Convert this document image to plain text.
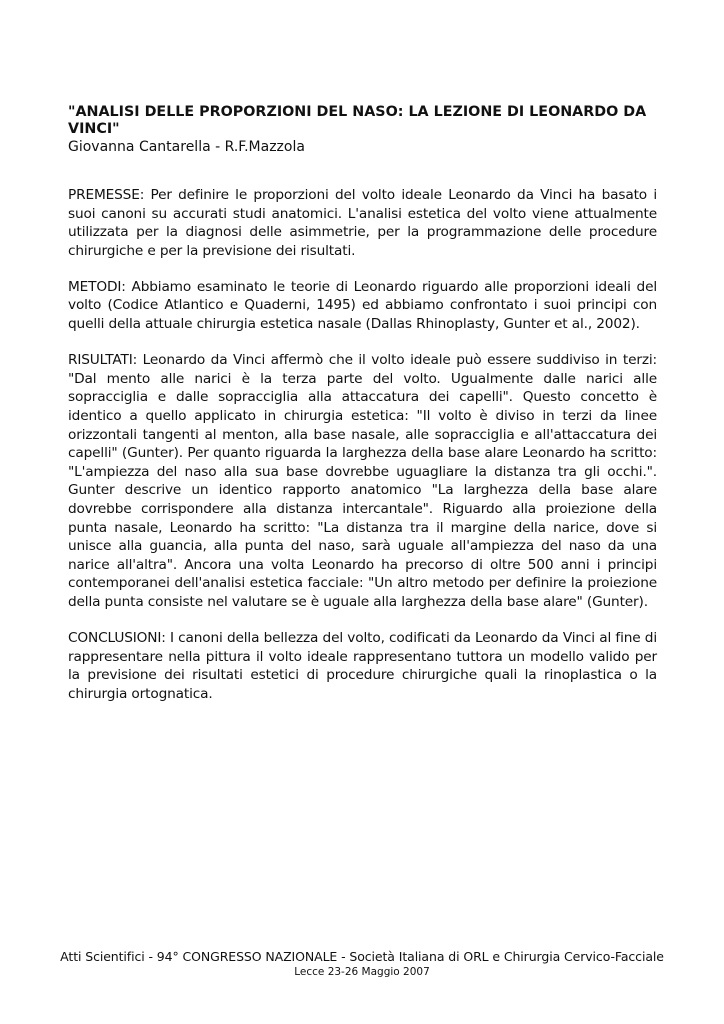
"ANALISI DELLE PROPORZIONI DEL NASO: LA LEZIONE DI LEONARDO DA VINCI"

Giovanna Cantarella - R.F.Mazzola

PREMESSE: Per definire le proporzioni del volto ideale Leonardo da Vinci ha basato i suoi canoni su accurati studi anatomici. L'analisi estetica del volto viene attualmente utilizzata per la diagnosi delle asimmetrie, per la programmazione delle procedure chirurgiche e per la previsione dei risultati.

METODI: Abbiamo esaminato le teorie di Leonardo riguardo alle proporzioni ideali del volto (Codice Atlantico e Quaderni, 1495) ed abbiamo confrontato i suoi principi con quelli della attuale chirurgia estetica nasale (Dallas Rhinoplasty, Gunter et al., 2002).

RISULTATI: Leonardo da Vinci affermò che il volto ideale può essere suddiviso in terzi: "Dal mento alle narici è la terza parte del volto. Ugualmente dalle narici alle sopracciglia e dalle sopracciglia alla attaccatura dei capelli". Questo concetto è identico a quello applicato in chirurgia estetica: "Il volto è diviso in terzi da linee orizzontali tangenti al menton, alla base nasale, alle sopracciglia e all'attaccatura dei capelli" (Gunter). Per quanto riguarda la larghezza della base alare Leonardo ha scritto: "L'ampiezza del naso alla sua base dovrebbe uguagliare la distanza tra gli occhi.". Gunter descrive un identico rapporto anatomico "La larghezza della base alare dovrebbe corrispondere alla distanza intercantale". Riguardo alla proiezione della punta nasale, Leonardo ha scritto: "La distanza tra il margine della narice, dove si unisce alla guancia, alla punta del naso, sarà uguale all'ampiezza del naso da una narice all'altra". Ancora una volta Leonardo ha precorso di oltre 500 anni i principi contemporanei dell'analisi estetica facciale: "Un altro metodo per definire la proiezione della punta consiste nel valutare se è uguale alla larghezza della base alare" (Gunter).

CONCLUSIONI: I canoni della bellezza del volto, codificati da Leonardo da Vinci al fine di rappresentare nella pittura il volto ideale rappresentano tuttora un modello valido per la previsione dei risultati estetici di procedure chirurgiche quali la rinoplastica o la chirurgia ortognatica.

Atti Scientifici - 94° CONGRESSO NAZIONALE - Società Italiana di ORL e Chirurgia Cervico-Facciale
Lecce 23-26 Maggio 2007
